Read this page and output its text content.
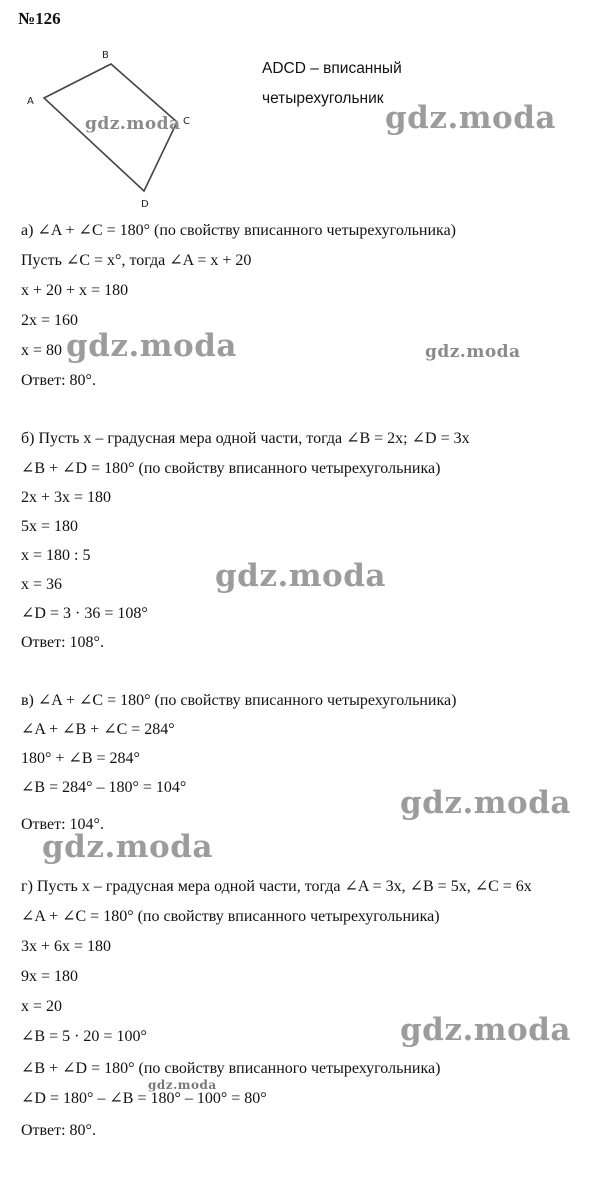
№126
ADCD – вписанный
четырехугольник
A
B
C
D
а) ∠A + ∠C = 180° (по свойству вписанного четырехугольника)
Пусть ∠C = x°, тогда ∠A = x + 20
x + 20 + x = 180
2x = 160
x = 80
Ответ: 80°.
б) Пусть x – градусная мера одной части, тогда ∠B = 2x; ∠D = 3x
∠B + ∠D = 180° (по свойству вписанного четырехугольника)
2x + 3x = 180
5x = 180
x = 180 : 5
x = 36
∠D = 3 · 36 = 108°
Ответ: 108°.
в) ∠A + ∠C = 180° (по свойству вписанного четырехугольника)
∠A + ∠B + ∠C = 284°
180° + ∠B = 284°
∠B = 284° – 180° = 104°
Ответ: 104°.
г) Пусть x – градусная мера одной части, тогда ∠A = 3x, ∠B = 5x, ∠C = 6x
∠A + ∠C = 180° (по свойству вписанного четырехугольника)
3x + 6x = 180
9x = 180
x = 20
∠B = 5 · 20 = 100°
∠B + ∠D = 180° (по свойству вписанного четырехугольника)
∠D = 180° – ∠B = 180° – 100° = 80°
Ответ: 80°.
gdz.moda
gdz.moda
gdz.moda	gdz.moda
gdz.moda
gdz.moda
gdz.moda
gdz.moda
gdz.moda
